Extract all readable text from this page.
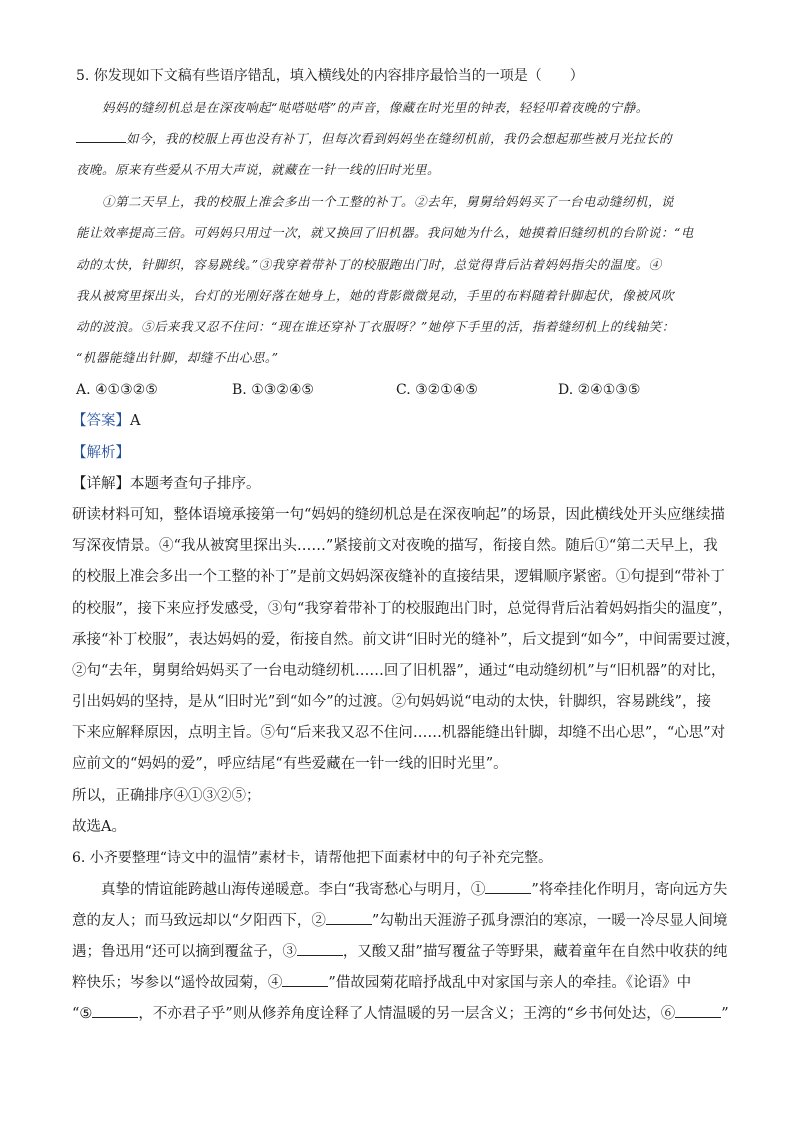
5. 你发现如下文稿有些语序错乱，填入横线处的内容排序最恰当的一项是（　　）
妈妈的缝纫机总是在深夜响起“哒嗒哒嗒”的声音，像藏在时光里的钟表，轻轻叩着夜晚的宁静。
如今，我的校服上再也没有补丁，但每次看到妈妈坐在缝纫机前，我仍会想起那些被月光拉长的
夜晚。原来有些爱从不用大声说，就藏在一针一线的旧时光里。
①第二天早上，我的校服上准会多出一个工整的补丁。②去年，舅舅给妈妈买了一台电动缝纫机，说
能让效率提高三倍。可妈妈只用过一次，就又换回了旧机器。我问她为什么，她摸着旧缝纫机的台阶说：“电
动的太快，针脚织，容易跳线。”③我穿着带补丁的校服跑出门时，总觉得背后沾着妈妈指尖的温度。④
我从被窝里探出头，台灯的光刚好落在她身上，她的背影微微晃动，手里的布料随着针脚起伏，像被风吹
动的波浪。⑤后来我又忍不住问：“现在谁还穿补丁衣服呀？”她停下手里的活，指着缝纫机上的线轴笑：
“机器能缝出针脚，却缝不出心思。”
A. ④①③②⑤	B. ①③②④⑤	C. ③②①④⑤	D. ②④①③⑤
【答案】A
【解析】
【详解】本题考查句子排序。
研读材料可知，整体语境承接第一句“妈妈的缝纫机总是在深夜响起”的场景，因此横线处开头应继续描
写深夜情景。④“我从被窝里探出头……”紧接前文对夜晚的描写，衔接自然。随后①“第二天早上，我
的校服上准会多出一个工整的补丁”是前文妈妈深夜缝补的直接结果，逻辑顺序紧密。①句提到“带补丁
的校服”，接下来应抒发感受，③句“我穿着带补丁的校服跑出门时，总觉得背后沾着妈妈指尖的温度”，
承接“补丁校服”，表达妈妈的爱，衔接自然。前文讲“旧时光的缝补”，后文提到“如今”，中间需要过渡，
②句“去年，舅舅给妈妈买了一台电动缝纫机……回了旧机器”，通过“电动缝纫机”与“旧机器”的对比，
引出妈妈的坚持，是从“旧时光”到“如今”的过渡。②句妈妈说“电动的太快，针脚织，容易跳线”，接
下来应解释原因，点明主旨。⑤句“后来我又忍不住问……机器能缝出针脚，却缝不出心思”，“心思”对
应前文的“妈妈的爱”，呼应结尾“有些爱藏在一针一线的旧时光里”。
所以，正确排序④①③②⑤；
故选A。
6. 小齐要整理“诗文中的温情”素材卡，请帮他把下面素材中的句子补充完整。
　　真挚的情谊能跨越山海传递暖意。李白“我寄愁心与明月，①	”将牵挂化作明月，寄向远方失
意的友人；而马致远却以“夕阳西下，②	”勾勒出天涯游子孤身漂泊的寒凉，一暖一冷尽显人间境
遇；鲁迅用“还可以摘到覆盆子，③	，又酸又甜”描写覆盆子等野果，藏着童年在自然中收获的纯
粹快乐；岑参以“遥怜故园菊，④	”借故园菊花暗抒战乱中对家国与亲人的牵挂。《论语》中
“⑤	，不亦君子乎”则从修养角度诠释了人情温暖的另一层含义；王湾的“乡书何处达，⑥	”
